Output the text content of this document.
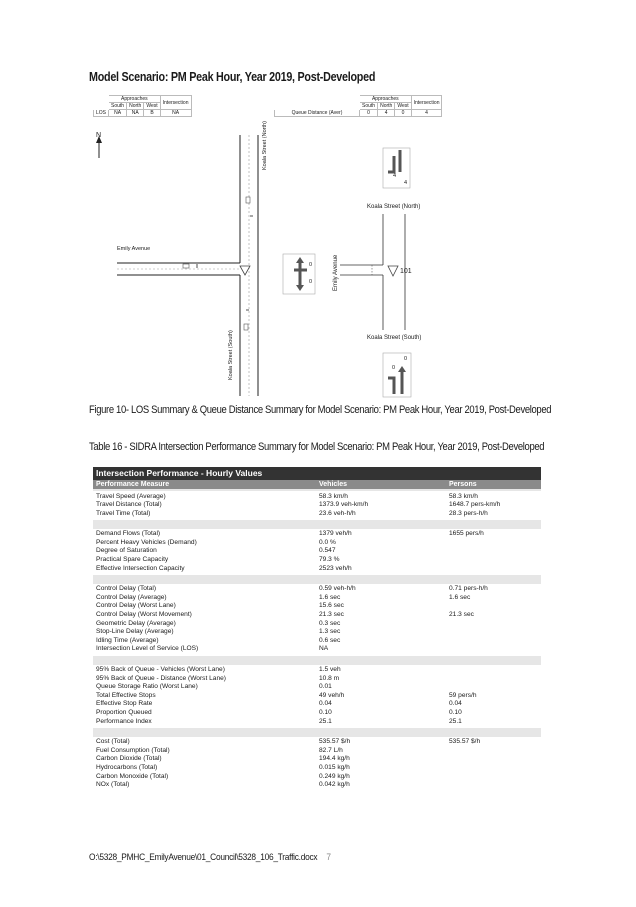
Model Scenario: PM Peak Hour, Year 2019, Post-Developed
	Approaches			Intersection
	South	North	West	
LOS	NA	NA	B	NA
	Approaches			Intersection
	South	North	West	
Queue Distance (Aver)	0	4	0	4
N
Emily Avenue
Koala Street (North)
Koala Street (South)
Koala Street (North)
Koala Street (South)
Emily Avenue	101
4
4
0
0
0
0
Figure 10- LOS Summary & Queue Distance Summary for Model Scenario: PM Peak Hour, Year 2019, Post-Developed
Table 16 - SIDRA Intersection Performance Summary for Model Scenario: PM Peak Hour, Year 2019, Post-Developed
Intersection Performance - Hourly Values
Performance Measure	Vehicles	Persons
Travel Speed (Average)	58.3 km/h	58.3 km/h
Travel Distance (Total)	1373.9 veh-km/h	1648.7 pers-km/h
Travel Time (Total)	23.6 veh-h/h	28.3 pers-h/h
Demand Flows (Total)	1379 veh/h	1655 pers/h
Percent Heavy Vehicles (Demand)	0.0 %
Degree of Saturation	0.547
Practical Spare Capacity	79.3 %
Effective Intersection Capacity	2523 veh/h
Control Delay (Total)	0.59 veh-h/h	0.71 pers-h/h
Control Delay (Average)	1.6 sec	1.6 sec
Control Delay (Worst Lane)	15.6 sec
Control Delay (Worst Movement)	21.3 sec	21.3 sec
Geometric Delay (Average)	0.3 sec
Stop-Line Delay (Average)	1.3 sec
Idling Time (Average)	0.6 sec
Intersection Level of Service (LOS)	NA
95% Back of Queue - Vehicles (Worst Lane)	1.5 veh
95% Back of Queue - Distance (Worst Lane)	10.8 m
Queue Storage Ratio (Worst Lane)	0.01
Total Effective Stops	49 veh/h	59 pers/h
Effective Stop Rate	0.04	0.04
Proportion Queued	0.10	0.10
Performance Index	25.1	25.1
Cost (Total)	535.57 $/h	535.57 $/h
Fuel Consumption (Total)	82.7 L/h
Carbon Dioxide (Total)	194.4 kg/h
Hydrocarbons (Total)	0.015 kg/h
Carbon Monoxide (Total)	0.249 kg/h
NOx (Total)	0.042 kg/h
O:\5328_PMHC_EmilyAvenue\01_Council\5328_106_Traffic.docx 7
